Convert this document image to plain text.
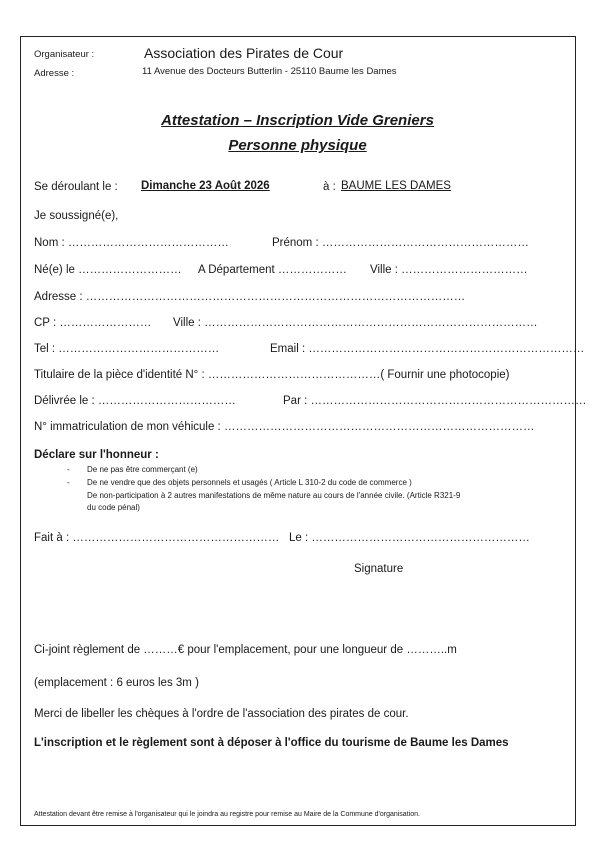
Organisateur :	Association des Pirates de Cour
Adresse :	11 Avenue des Docteurs Butterlin - 25110 Baume les Dames
Attestation – Inscription Vide Greniers
Personne physique
Se déroulant le : Dimanche 23 Août 2026	à : BAUME LES DAMES
Je soussigné(e),
Nom : ……………………………………	Prénom : ………………………………………………
Né(e) le ……………………… A Département ……………… Ville : ……………………………
Adresse : ………………………………………………………………………………………
CP : …………………… Ville : ……………………………………………………………………………
Tel : ……………………………………	Email : ………………………………………………………………
Titulaire de la pièce d'identité N° : ………………………………………( Fournir une photocopie)
Délivrée le : ………………………………	Par : ………………………………………………………………
N° immatriculation de mon véhicule : ………………………………………………………………………
Déclare sur l'honneur :
- De ne pas être commerçant (e)
- De ne vendre que des objets personnels et usagés ( Article L 310-2 du code de commerce )
De non-participation à 2 autres manifestations de même nature au cours de l'année civile. (Article R321-9
du code pénal)
Fait à : ……………………………………………… Le : …………………………………………………
Signature
Ci-joint règlement de ………€ pour l'emplacement, pour une longueur de ………..m
(emplacement : 6 euros les 3m )
Merci de libeller les chèques à l'ordre de l'association des pirates de cour.
L'inscription et le règlement sont à déposer à l'office du tourisme de Baume les Dames
Attestation devant être remise à l'organisateur qui le joindra au registre pour remise au Maire de la Commune d'organisation.
